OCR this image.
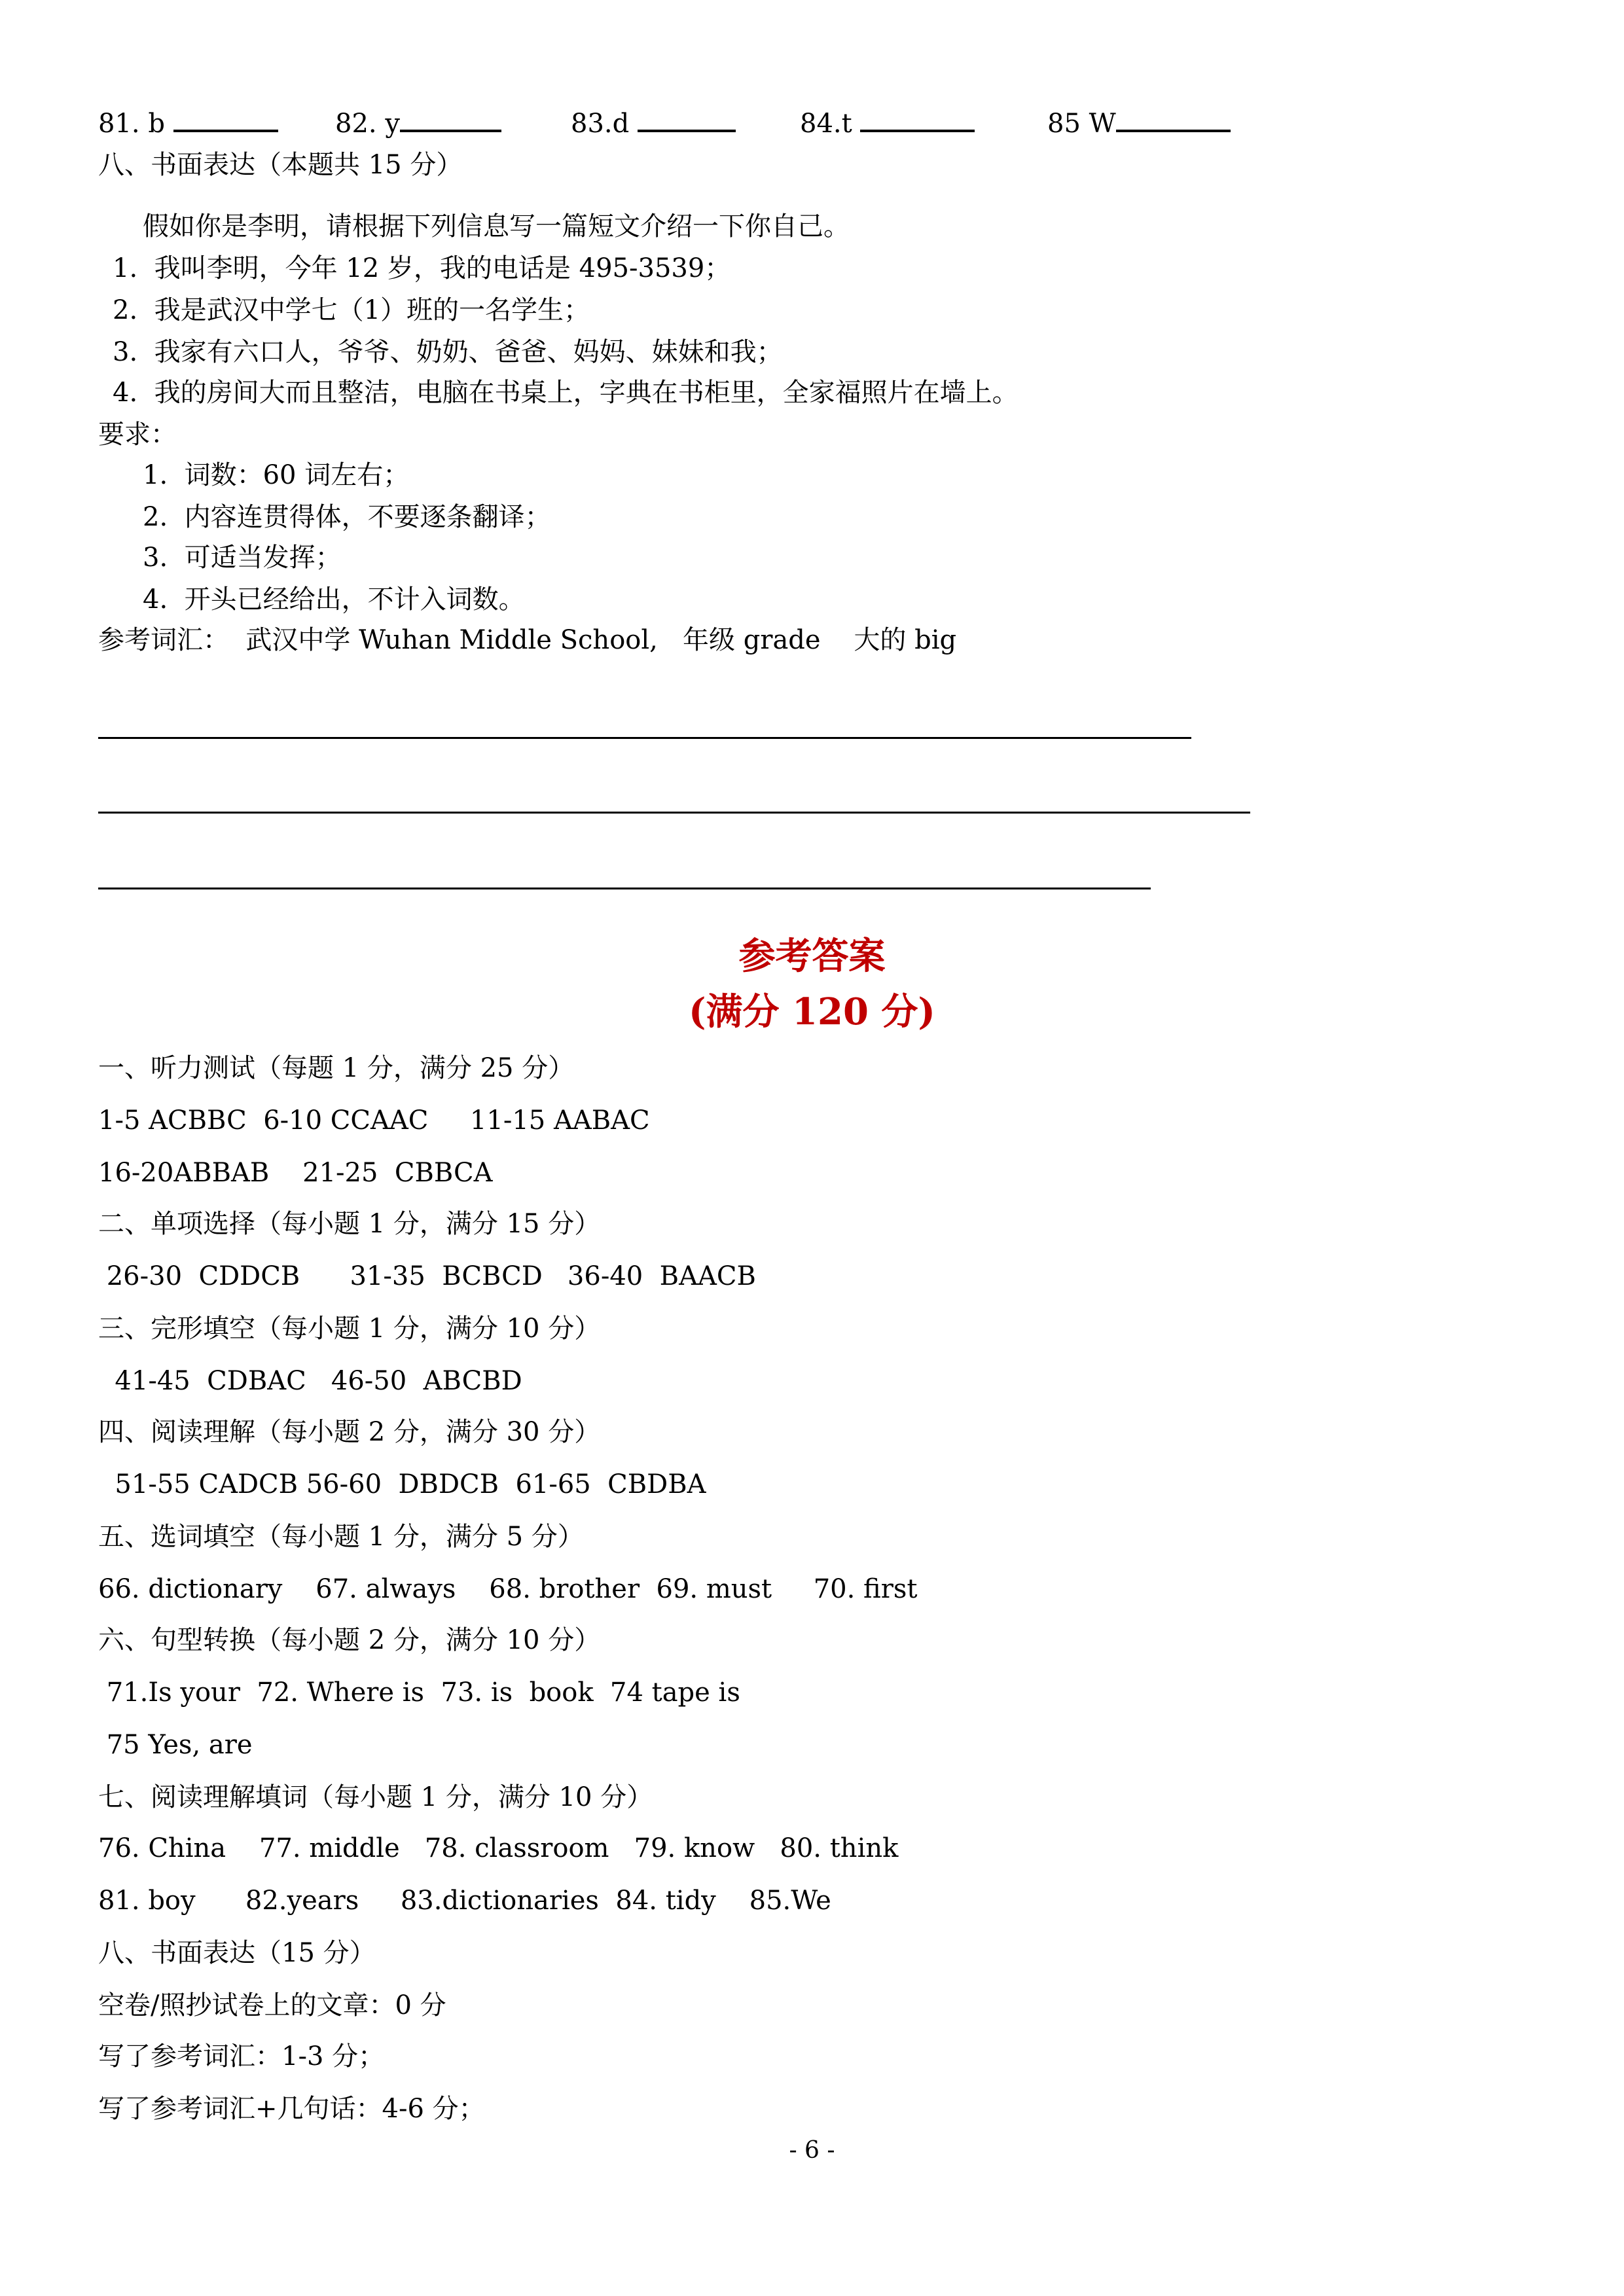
81. b	82. y	83.d	84.t	85 W
八、书面表达（本题共 15 分）
假如你是李明，请根据下列信息写一篇短文介绍一下你自己。
1.  我叫李明，今年 12 岁，我的电话是 495-3539；
2.  我是武汉中学七（1）班的一名学生；
3.  我家有六口人，爷爷、奶奶、爸爸、妈妈、妹妹和我；
4.  我的房间大而且整洁，电脑在书桌上，字典在书柜里，全家福照片在墙上。
要求：
1.  词数：60 词左右；
2.  内容连贯得体，不要逐条翻译；
3.  可适当发挥；
4.  开头已经给出，不计入词数。
参考词汇：  武汉中学 Wuhan Middle School,   年级 grade    大的 big
参考答案
(满分 120 分)
一、听力测试（每题 1 分，满分 25 分）
1-5 ACBBC  6-10 CCAAC     11-15 AABAC
16-20ABBAB    21-25  CBBCA
二、单项选择（每小题 1 分，满分 15 分）
26-30  CDDCB      31-35  BCBCD   36-40  BAACB
三、完形填空（每小题 1 分，满分 10 分）
41-45  CDBAC   46-50  ABCBD
四、阅读理解（每小题 2 分，满分 30 分）
51-55 CADCB 56-60  DBDCB  61-65  CBDBA
五、选词填空（每小题 1 分，满分 5 分）
66. dictionary    67. always    68. brother  69. must     70. first
六、句型转换（每小题 2 分，满分 10 分）
71.Is your  72. Where is  73. is  book  74 tape is
75 Yes, are
七、阅读理解填词（每小题 1 分，满分 10 分）
76. China    77. middle   78. classroom   79. know   80. think
81. boy      82.years     83.dictionaries  84. tidy    85.We
八、书面表达（15 分）
空卷/照抄试卷上的文章：0 分
写了参考词汇：1-3 分；
写了参考词汇+几句话：4-6 分；
- 6 -
